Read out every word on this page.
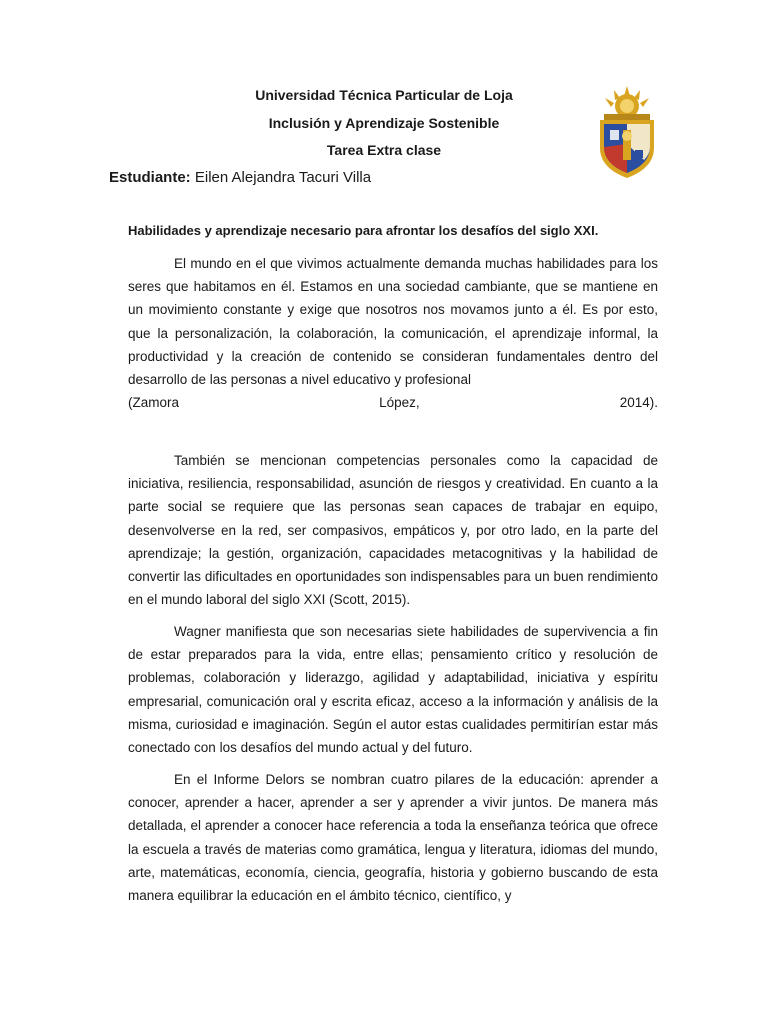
Universidad Técnica Particular de Loja
Inclusión y Aprendizaje Sostenible
Tarea Extra clase
Estudiante: Eilen Alejandra Tacuri Villa
Habilidades y aprendizaje necesario para afrontar los desafíos del siglo XXI.
El mundo en el que vivimos actualmente demanda muchas habilidades para los seres que habitamos en él. Estamos en una sociedad cambiante, que se mantiene en un movimiento constante y exige que nosotros nos movamos junto a él. Es por esto, que la personalización, la colaboración, la comunicación, el aprendizaje informal, la productividad y la creación de contenido se consideran fundamentales dentro del desarrollo de las personas a nivel educativo y profesional
(Zamora	López,	2014).

También se mencionan competencias personales como la capacidad de iniciativa, resiliencia, responsabilidad, asunción de riesgos y creatividad. En cuanto a la parte social se requiere que las personas sean capaces de trabajar en equipo, desenvolverse en la red, ser compasivos, empáticos y, por otro lado, en la parte del aprendizaje; la gestión, organización, capacidades metacognitivas y la habilidad de convertir las dificultades en oportunidades son indispensables para un buen rendimiento en el mundo laboral del siglo XXI (Scott, 2015).

Wagner manifiesta que son necesarias siete habilidades de supervivencia a fin de estar preparados para la vida, entre ellas; pensamiento crítico y resolución de problemas, colaboración y liderazgo, agilidad y adaptabilidad, iniciativa y espíritu empresarial, comunicación oral y escrita eficaz, acceso a la información y análisis de la misma, curiosidad e imaginación. Según el autor estas cualidades permitirían estar más conectado con los desafíos del mundo actual y del futuro.

En el Informe Delors se nombran cuatro pilares de la educación: aprender a conocer, aprender a hacer, aprender a ser y aprender a vivir juntos. De manera más detallada, el aprender a conocer hace referencia a toda la enseñanza teórica que ofrece la escuela a través de materias como gramática, lengua y literatura, idiomas del mundo, arte, matemáticas, economía, ciencia, geografía, historia y gobierno buscando de esta manera equilibrar la educación en el ámbito técnico, científico, y
